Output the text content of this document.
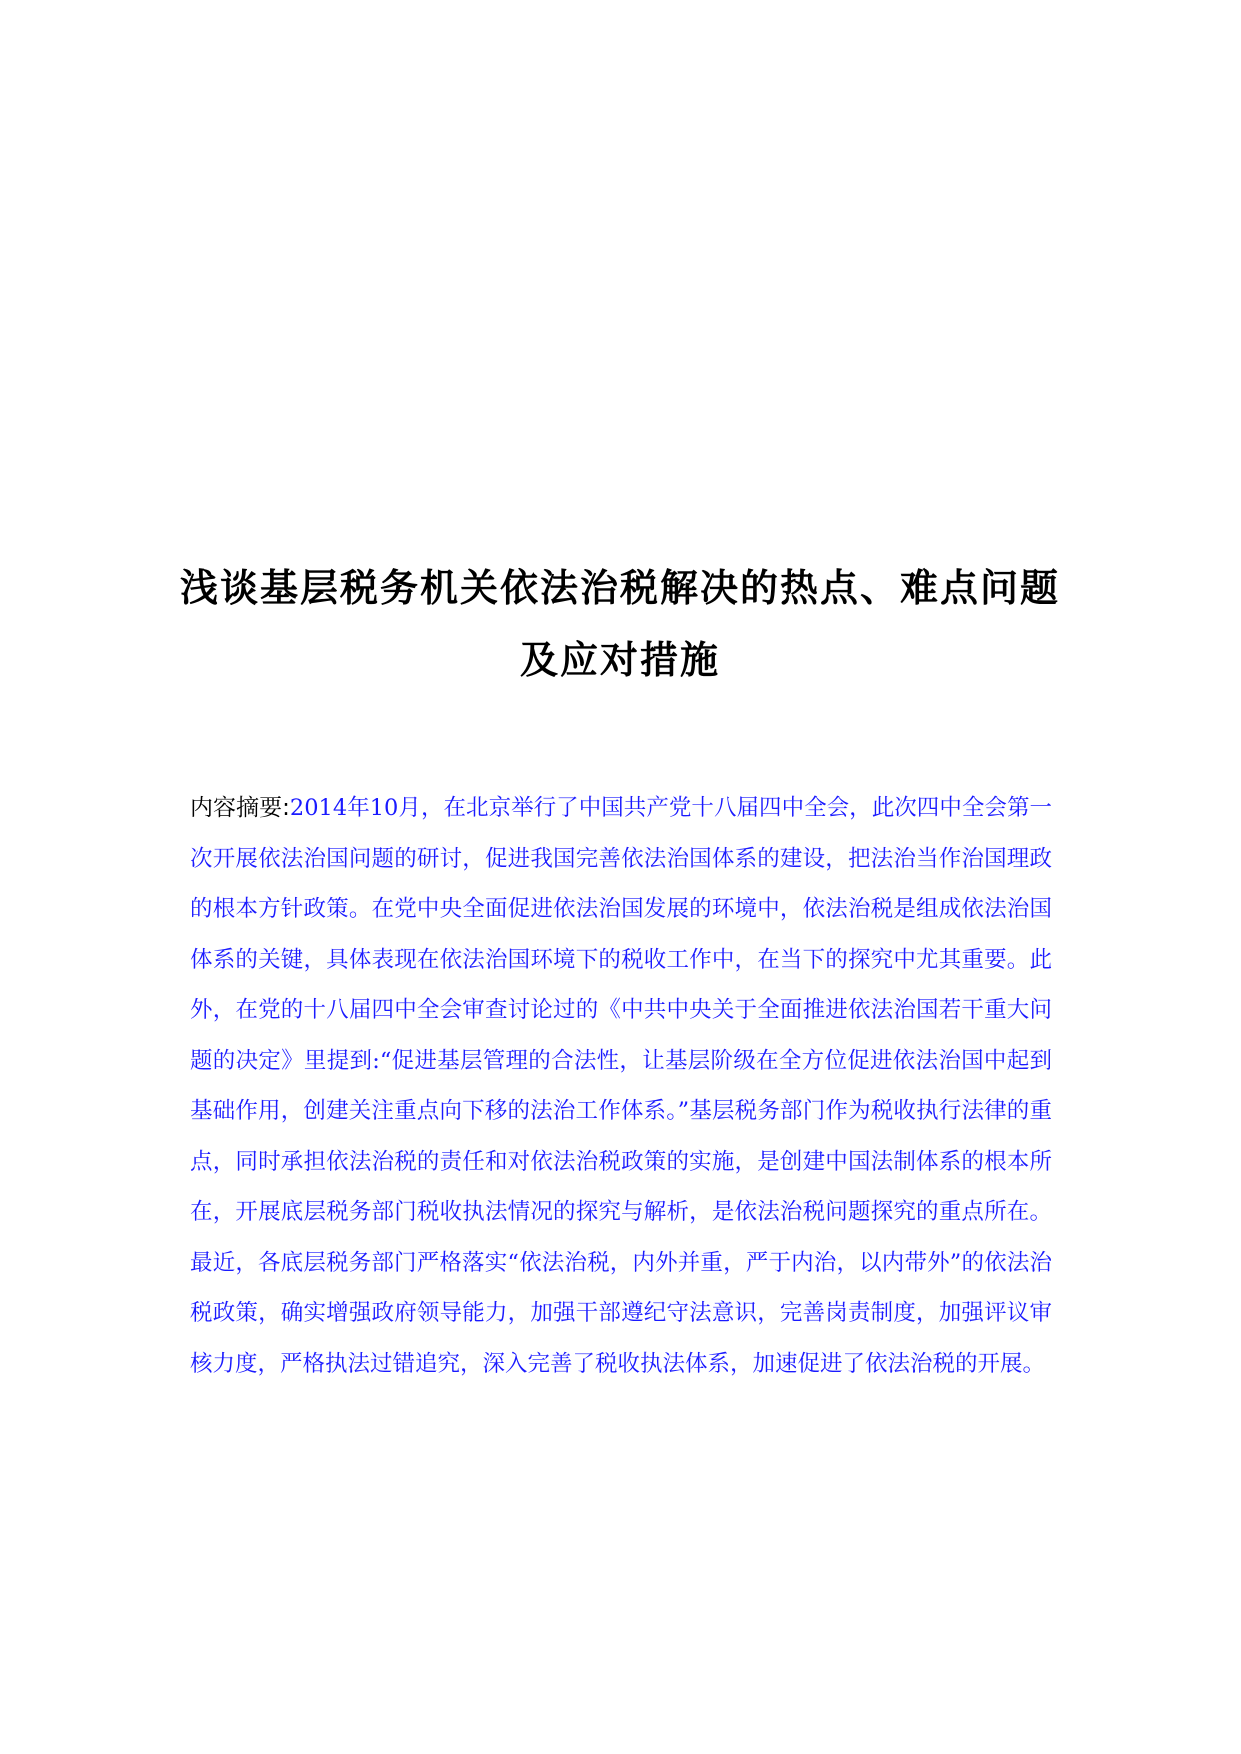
浅谈基层税务机关依法治税解决的热点、难点问题及应对措施
内容摘要:2014年10月，在北京举行了中国共产党十八届四中全会，此次四中全会第一次开展依法治国问题的研讨，促进我国完善依法治国体系的建设，把法治当作治国理政的根本方针政策。在党中央全面促进依法治国发展的环境中，依法治税是组成依法治国体系的关键，具体表现在依法治国环境下的税收工作中，在当下的探究中尤其重要。此外，在党的十八届四中全会审查讨论过的《中共中央关于全面推进依法治国若干重大问题的决定》里提到:“促进基层管理的合法性，让基层阶级在全方位促进依法治国中起到基础作用，创建关注重点向下移的法治工作体系。”基层税务部门作为税收执行法律的重点，同时承担依法治税的责任和对依法治税政策的实施，是创建中国法制体系的根本所在，开展底层税务部门税收执法情况的探究与解析，是依法治税问题探究的重点所在。最近，各底层税务部门严格落实“依法治税，内外并重，严于内治，以内带外”的依法治税政策，确实增强政府领导能力，加强干部遵纪守法意识，完善岗责制度，加强评议审核力度，严格执法过错追究，深入完善了税收执法体系，加速促进了依法治税的开展。
